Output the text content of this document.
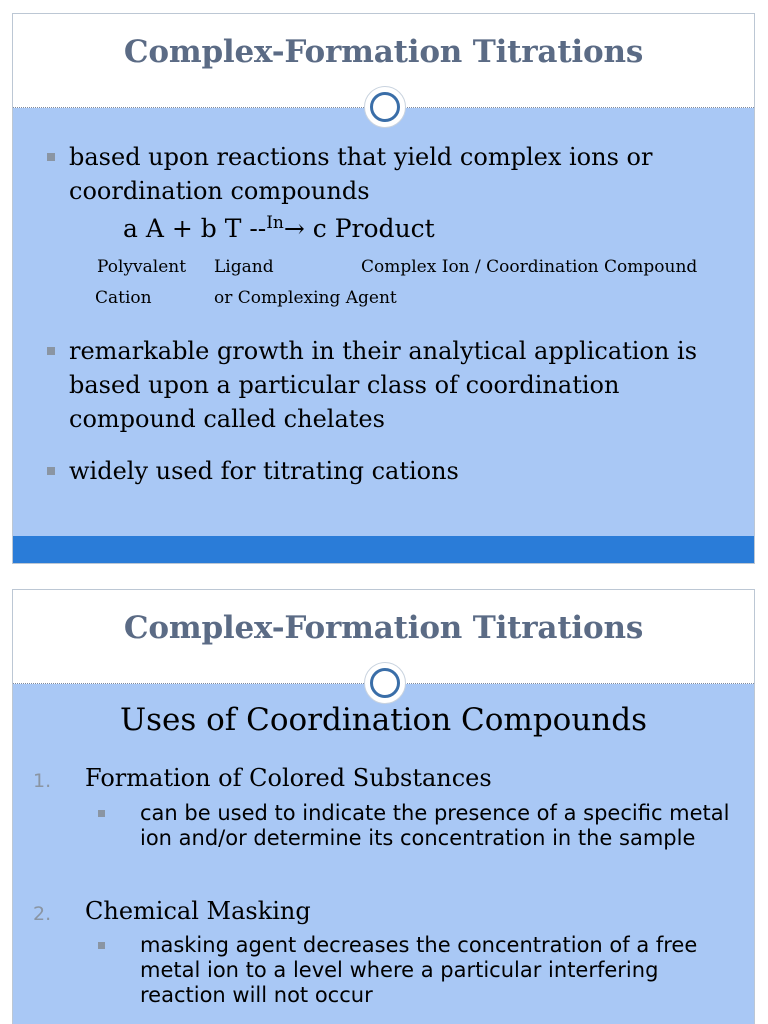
Complex-Formation Titrations
based upon reactions that yield complex ions or coordination compounds
a A + b T --$^{In}$→ c Product
Polyvalent
Cation
Ligand
or Complexing Agent
Complex Ion / Coordination Compound
remarkable growth in their analytical application is based upon a particular class of coordination compound called chelates
widely used for titrating cations
Complex-Formation Titrations
Uses of Coordination Compounds
1. Formation of Colored Substances
can be used to indicate the presence of a specific metal ion and/or determine its concentration in the sample
2. Chemical Masking
masking agent decreases the concentration of a free metal ion to a level where a particular interfering reaction will not occur
